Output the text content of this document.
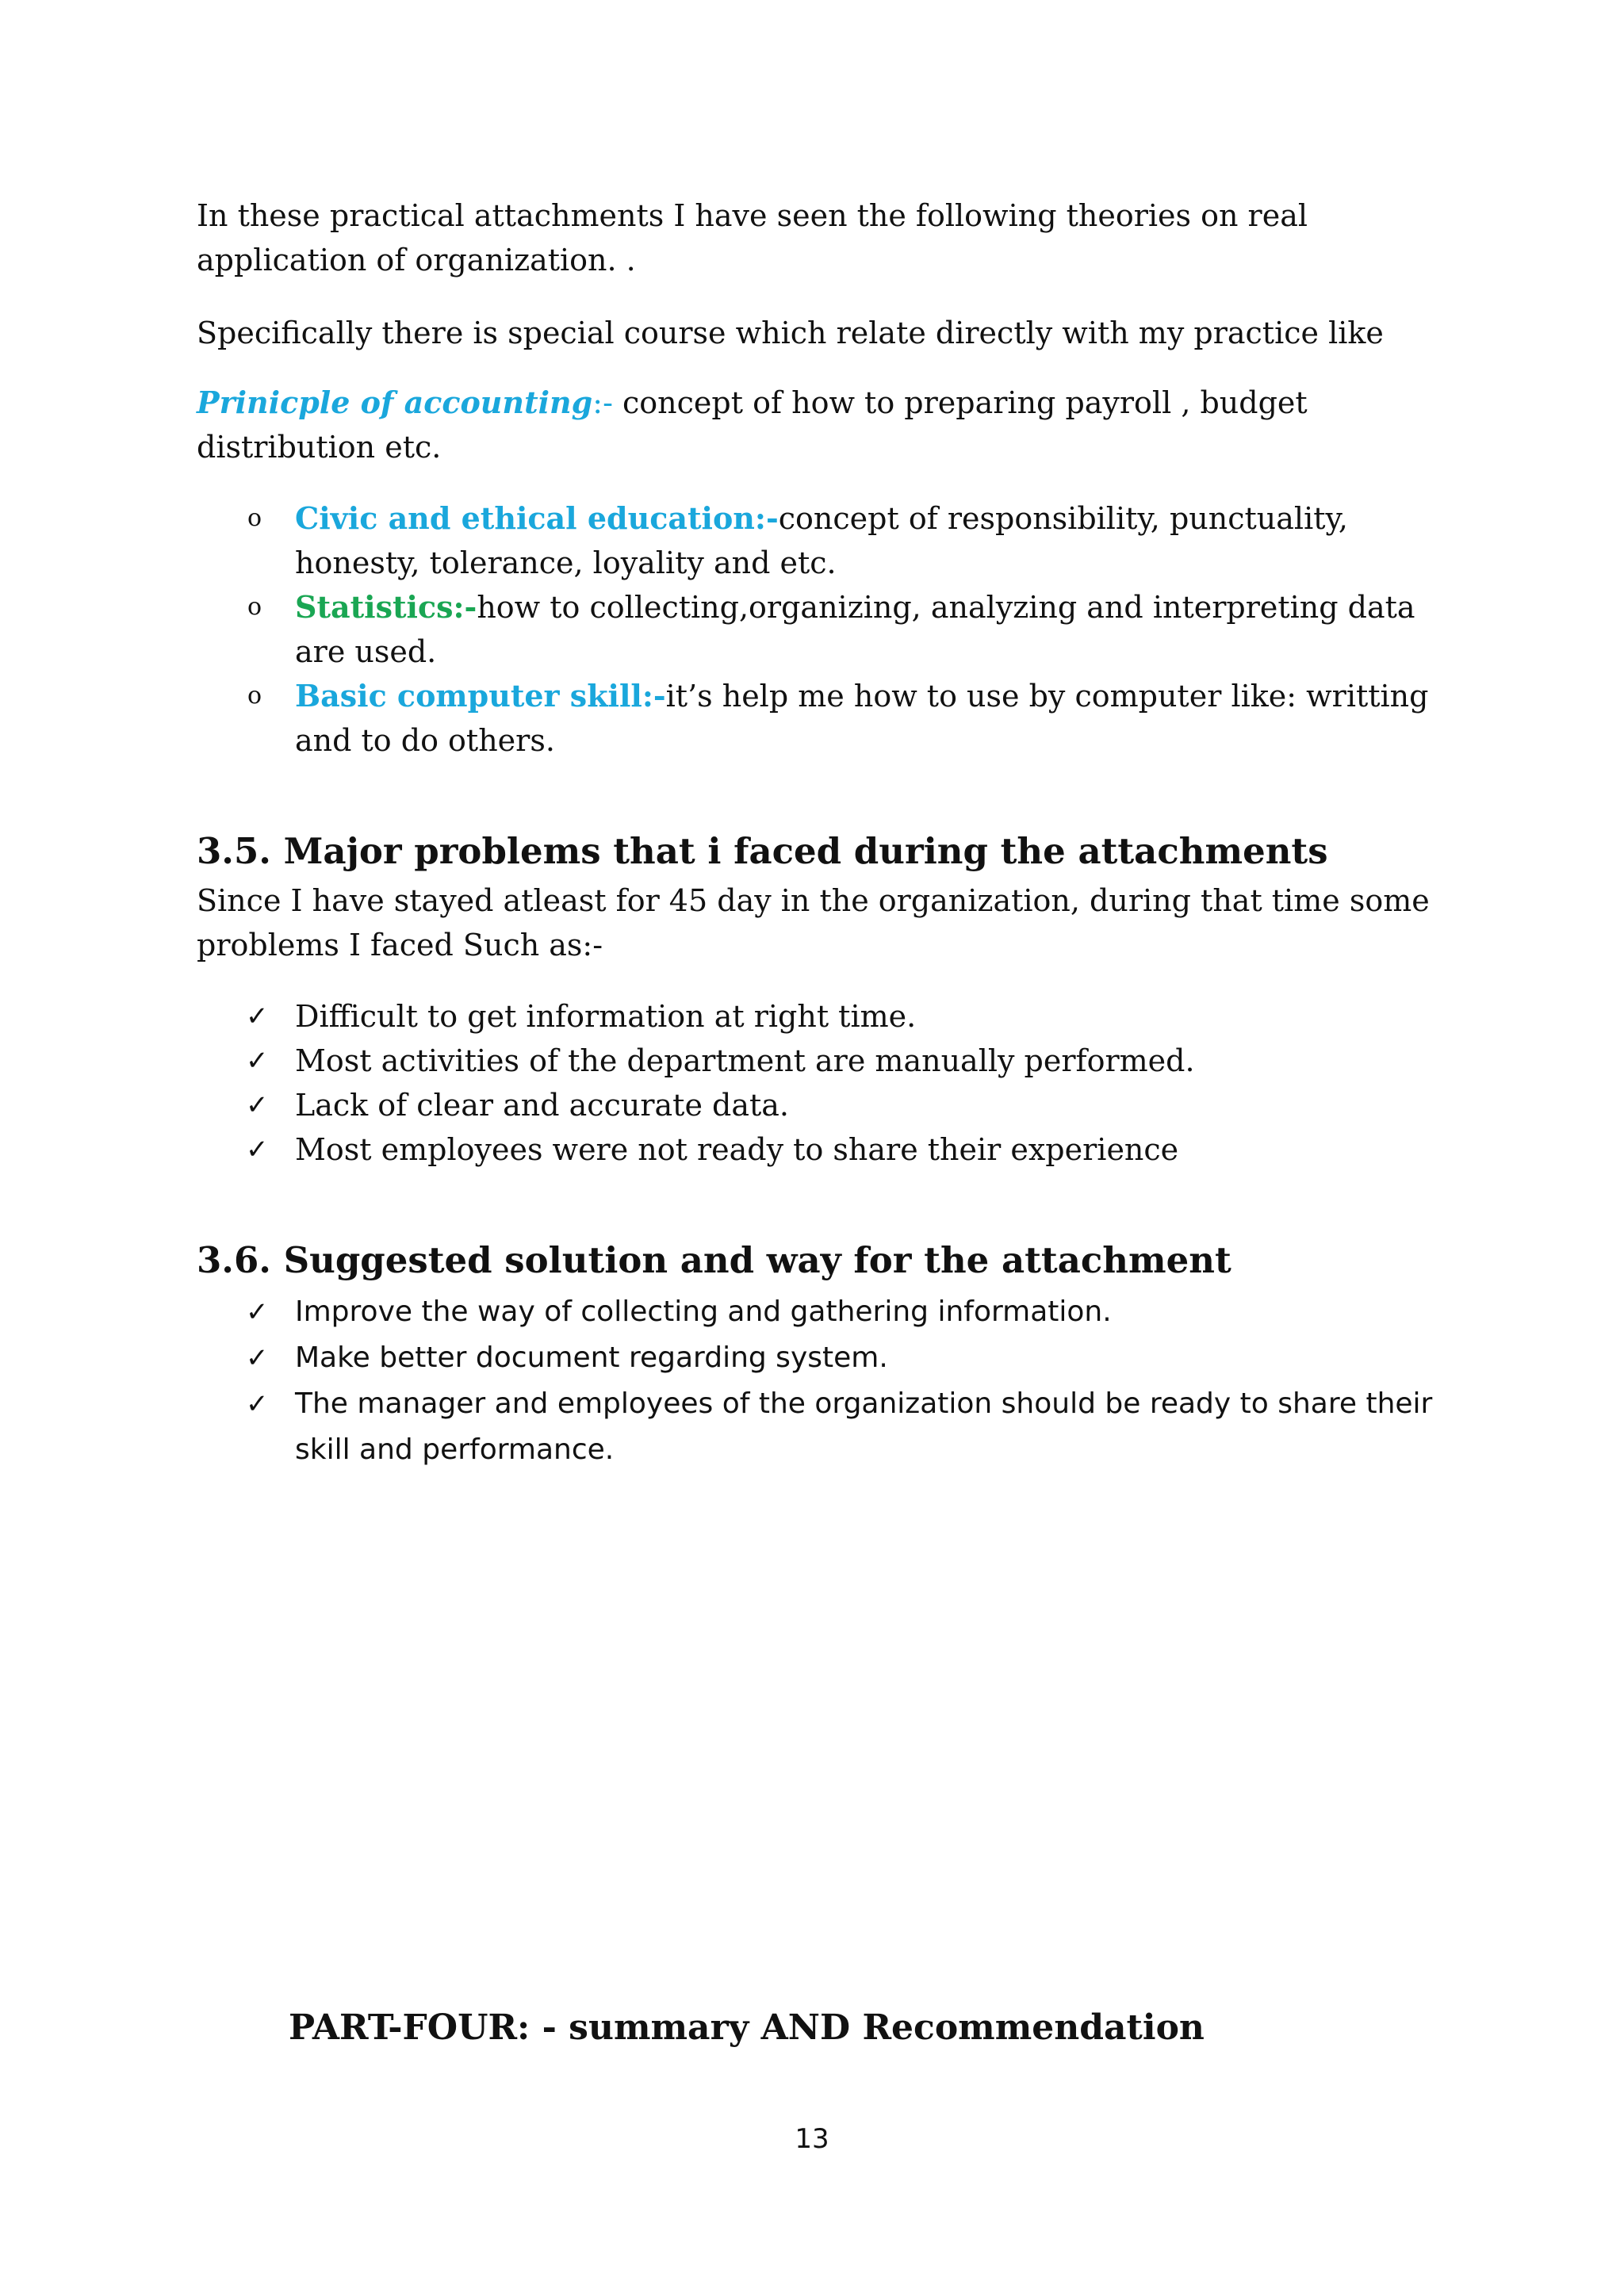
In these practical attachments I have seen the following theories on real application of organization. .

Specifically there is special course which relate directly with my practice like

Prinicple of accounting:- concept of how to preparing payroll , budget distribution etc.

o	Civic and ethical education:-concept of responsibility, punctuality, honesty, tolerance, loyality and etc.
o	Statistics:-how to collecting,organizing, analyzing and interpreting data are used.
o	Basic computer skill:-it’s help me how to use by computer like: writting and to do others.
3.5. Major problems that i faced during the attachments

Since I have stayed atleast for 45 day in the organization, during that time some problems I faced Such as:-

✓ Difficult to get information at right time.
✓ Most activities of the department are manually performed.
✓ Lack of clear and accurate data.
✓ Most employees were not ready to share their experience
3.6. Suggested solution and way for the attachment
✓ Improve the way of collecting and gathering information.
✓ Make better document regarding system.
✓ The manager and employees of the organization should be ready to share their skill and performance.
PART-FOUR: - summary AND Recommendation
13
